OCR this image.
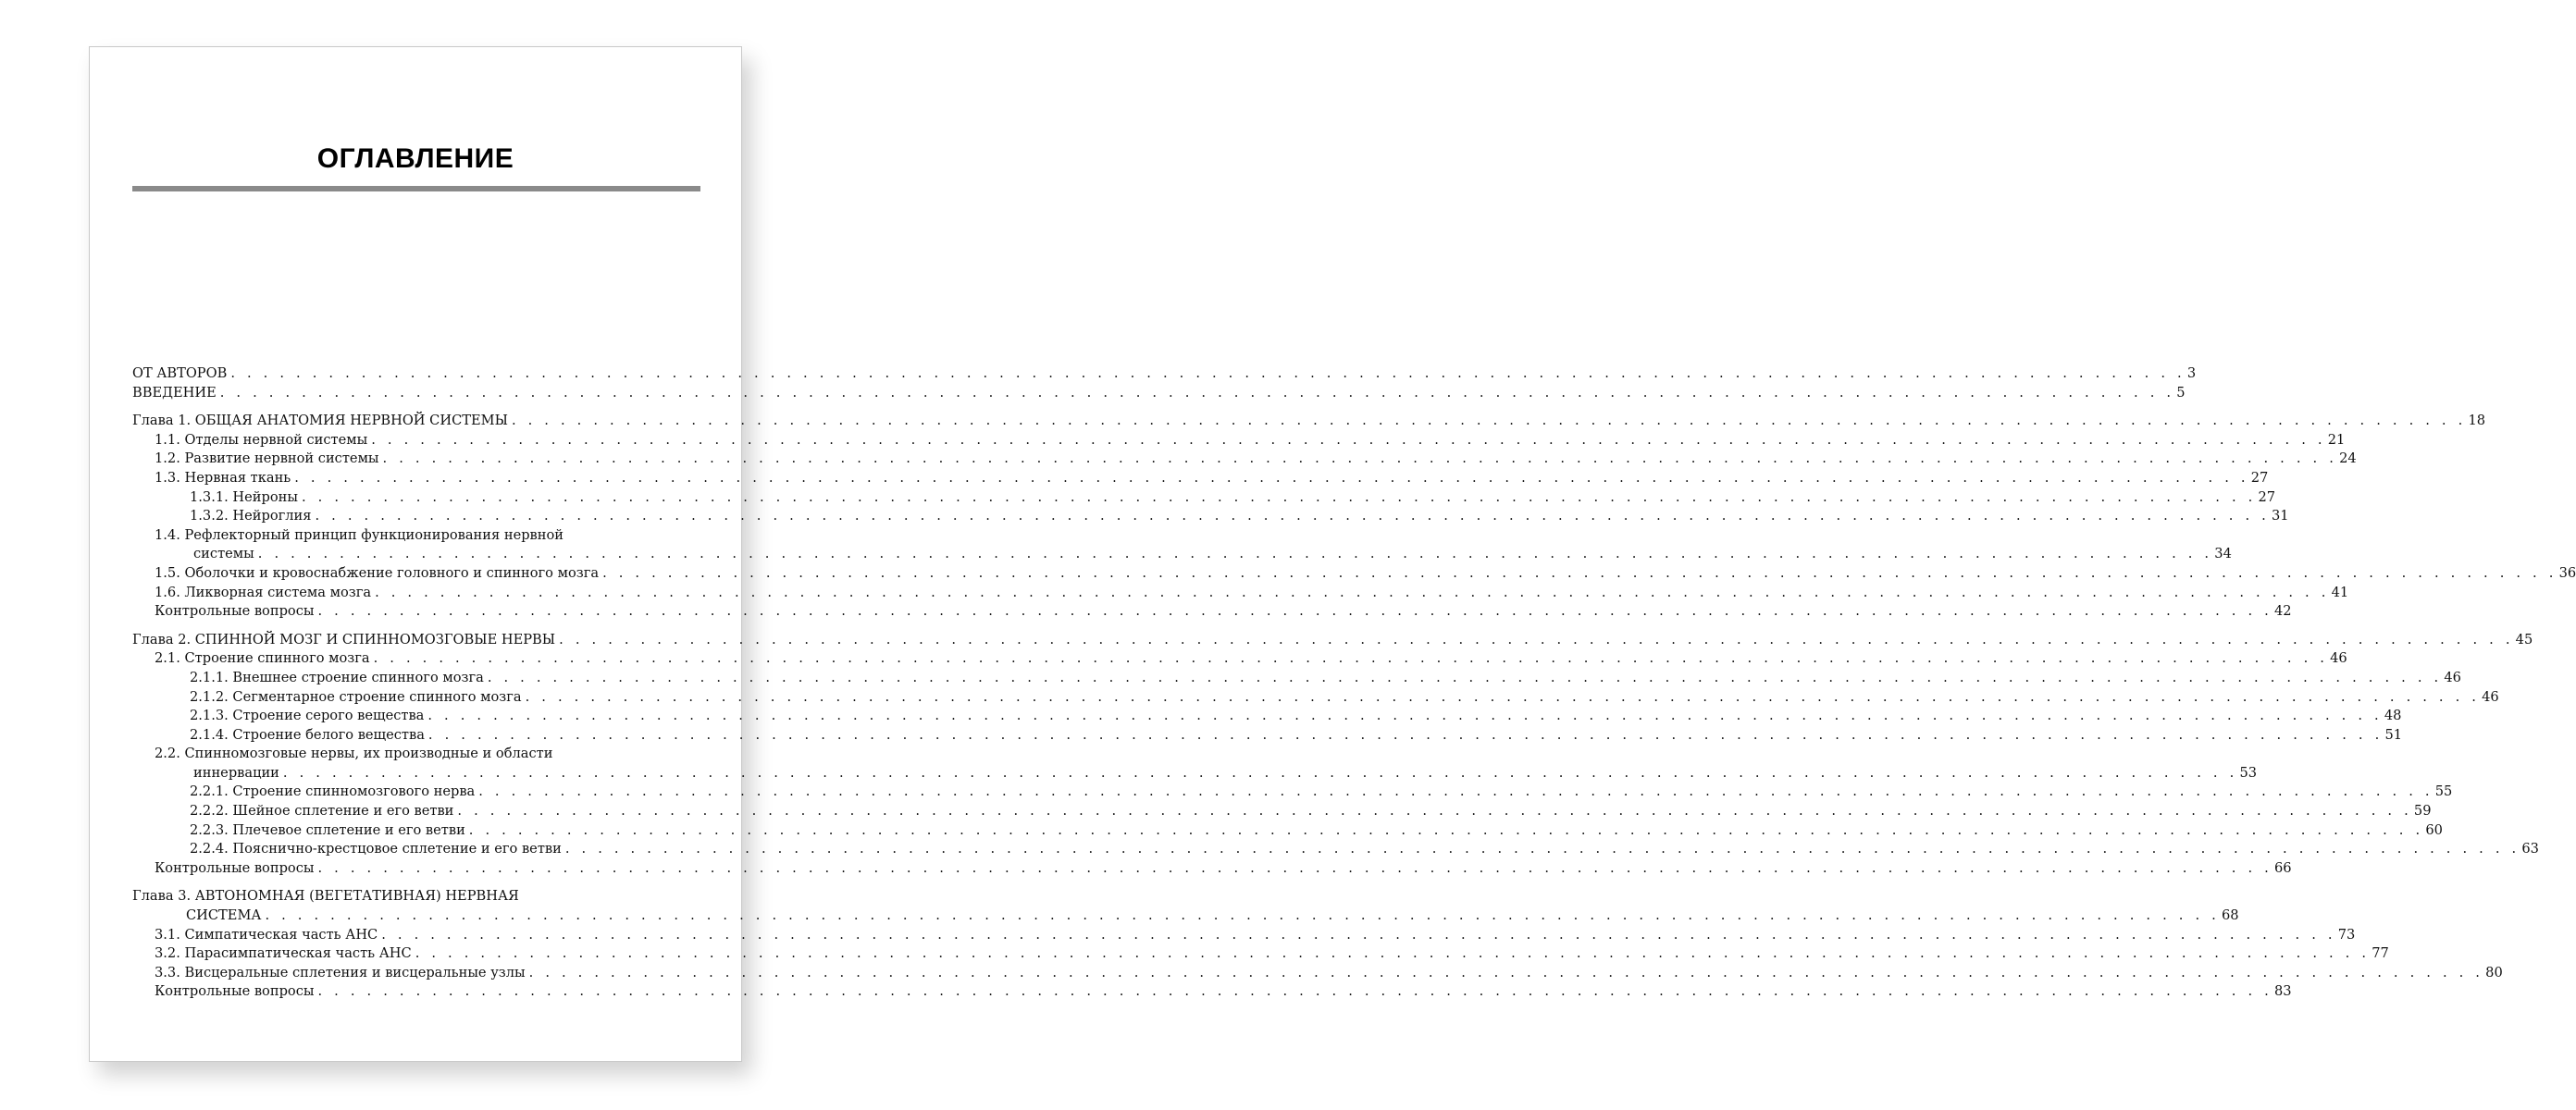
ОГЛАВЛЕНИЕ
ОТ АВТОРОВ . . . . . . . . . . . . . . . . . . . . . . . . . . . . . . . . . . . . . . . . . . . . . . . . . . . . . . . . . . . . . . . . . . . . . . . . . . . . . . . . . . . . . . . . . . . . . . . . . . . . . . . . . . . . . . . . . . . . . . . . 3
ВВЕДЕНИЕ . . . . . . . . . . . . . . . . . . . . . . . . . . . . . . . . . . . . . . . . . . . . . . . . . . . . . . . . . . . . . . . . . . . . . . . . . . . . . . . . . . . . . . . . . . . . . . . . . . . . . . . . . . . . . . . . . . . . . . . . 5
Глава 1. ОБЩАЯ АНАТОМИЯ НЕРВНОЙ СИСТЕМЫ . . . . . . . . . . . . . . . . . . . . . . . . . . . . . . . . . . . . . . . . . . . . . . . . . . . . . . . . . . . . . . . . . . . . . . . . . . . . . . . . . . . . . . . . . . . . . . . . . . . . . . . . . . . . . . . . . . . . . . . . 18
1.1. Отделы нервной системы . . . . . . . . . . . . . . . . . . . . . . . . . . . . . . . . . . . . . . . . . . . . . . . . . . . . . . . . . . . . . . . . . . . . . . . . . . . . . . . . . . . . . . . . . . . . . . . . . . . . . . . . . . . . . . . . . . . . . . . . 21
1.2. Развитие нервной системы . . . . . . . . . . . . . . . . . . . . . . . . . . . . . . . . . . . . . . . . . . . . . . . . . . . . . . . . . . . . . . . . . . . . . . . . . . . . . . . . . . . . . . . . . . . . . . . . . . . . . . . . . . . . . . . . . . . . . . . . 24
1.3. Нервная ткань . . . . . . . . . . . . . . . . . . . . . . . . . . . . . . . . . . . . . . . . . . . . . . . . . . . . . . . . . . . . . . . . . . . . . . . . . . . . . . . . . . . . . . . . . . . . . . . . . . . . . . . . . . . . . . . . . . . . . . . . 27
1.3.1. Нейроны . . . . . . . . . . . . . . . . . . . . . . . . . . . . . . . . . . . . . . . . . . . . . . . . . . . . . . . . . . . . . . . . . . . . . . . . . . . . . . . . . . . . . . . . . . . . . . . . . . . . . . . . . . . . . . . . . . . . . . . . 27
1.3.2. Нейроглия . . . . . . . . . . . . . . . . . . . . . . . . . . . . . . . . . . . . . . . . . . . . . . . . . . . . . . . . . . . . . . . . . . . . . . . . . . . . . . . . . . . . . . . . . . . . . . . . . . . . . . . . . . . . . . . . . . . . . . . . 31
1.4. Рефлекторный принцип функционирования нервной
системы . . . . . . . . . . . . . . . . . . . . . . . . . . . . . . . . . . . . . . . . . . . . . . . . . . . . . . . . . . . . . . . . . . . . . . . . . . . . . . . . . . . . . . . . . . . . . . . . . . . . . . . . . . . . . . . . . . . . . . . . 34
1.5. Оболочки и кровоснабжение головного и спинного мозга . . . . . . . . . . . . . . . . . . . . . . . . . . . . . . . . . . . . . . . . . . . . . . . . . . . . . . . . . . . . . . . . . . . . . . . . . . . . . . . . . . . . . . . . . . . . . . . . . . . . . . . . . . . . . . . . . . . . . . . . 36
1.6. Ликворная система мозга . . . . . . . . . . . . . . . . . . . . . . . . . . . . . . . . . . . . . . . . . . . . . . . . . . . . . . . . . . . . . . . . . . . . . . . . . . . . . . . . . . . . . . . . . . . . . . . . . . . . . . . . . . . . . . . . . . . . . . . . 41
Контрольные вопросы . . . . . . . . . . . . . . . . . . . . . . . . . . . . . . . . . . . . . . . . . . . . . . . . . . . . . . . . . . . . . . . . . . . . . . . . . . . . . . . . . . . . . . . . . . . . . . . . . . . . . . . . . . . . . . . . . . . . . . . . 42
Глава 2. СПИННОЙ МОЗГ И СПИННОМОЗГОВЫЕ НЕРВЫ . . . . . . . . . . . . . . . . . . . . . . . . . . . . . . . . . . . . . . . . . . . . . . . . . . . . . . . . . . . . . . . . . . . . . . . . . . . . . . . . . . . . . . . . . . . . . . . . . . . . . . . . . . . . . . . . . . . . . . . . 45
2.1. Строение спинного мозга . . . . . . . . . . . . . . . . . . . . . . . . . . . . . . . . . . . . . . . . . . . . . . . . . . . . . . . . . . . . . . . . . . . . . . . . . . . . . . . . . . . . . . . . . . . . . . . . . . . . . . . . . . . . . . . . . . . . . . . . 46
2.1.1. Внешнее строение спинного мозга . . . . . . . . . . . . . . . . . . . . . . . . . . . . . . . . . . . . . . . . . . . . . . . . . . . . . . . . . . . . . . . . . . . . . . . . . . . . . . . . . . . . . . . . . . . . . . . . . . . . . . . . . . . . . . . . . . . . . . . . 46
2.1.2. Сегментарное строение спинного мозга . . . . . . . . . . . . . . . . . . . . . . . . . . . . . . . . . . . . . . . . . . . . . . . . . . . . . . . . . . . . . . . . . . . . . . . . . . . . . . . . . . . . . . . . . . . . . . . . . . . . . . . . . . . . . . . . . . . . . . . . 46
2.1.3. Строение серого вещества . . . . . . . . . . . . . . . . . . . . . . . . . . . . . . . . . . . . . . . . . . . . . . . . . . . . . . . . . . . . . . . . . . . . . . . . . . . . . . . . . . . . . . . . . . . . . . . . . . . . . . . . . . . . . . . . . . . . . . . . 48
2.1.4. Строение белого вещества . . . . . . . . . . . . . . . . . . . . . . . . . . . . . . . . . . . . . . . . . . . . . . . . . . . . . . . . . . . . . . . . . . . . . . . . . . . . . . . . . . . . . . . . . . . . . . . . . . . . . . . . . . . . . . . . . . . . . . . . 51
2.2. Спинномозговые нервы, их производные и области
иннервации . . . . . . . . . . . . . . . . . . . . . . . . . . . . . . . . . . . . . . . . . . . . . . . . . . . . . . . . . . . . . . . . . . . . . . . . . . . . . . . . . . . . . . . . . . . . . . . . . . . . . . . . . . . . . . . . . . . . . . . . 53
2.2.1. Строение спинномозгового нерва . . . . . . . . . . . . . . . . . . . . . . . . . . . . . . . . . . . . . . . . . . . . . . . . . . . . . . . . . . . . . . . . . . . . . . . . . . . . . . . . . . . . . . . . . . . . . . . . . . . . . . . . . . . . . . . . . . . . . . . . 55
2.2.2. Шейное сплетение и его ветви . . . . . . . . . . . . . . . . . . . . . . . . . . . . . . . . . . . . . . . . . . . . . . . . . . . . . . . . . . . . . . . . . . . . . . . . . . . . . . . . . . . . . . . . . . . . . . . . . . . . . . . . . . . . . . . . . . . . . . . . 59
2.2.3. Плечевое сплетение и его ветви . . . . . . . . . . . . . . . . . . . . . . . . . . . . . . . . . . . . . . . . . . . . . . . . . . . . . . . . . . . . . . . . . . . . . . . . . . . . . . . . . . . . . . . . . . . . . . . . . . . . . . . . . . . . . . . . . . . . . . . . 60
2.2.4. Пояснично-крестцовое сплетение и его ветви . . . . . . . . . . . . . . . . . . . . . . . . . . . . . . . . . . . . . . . . . . . . . . . . . . . . . . . . . . . . . . . . . . . . . . . . . . . . . . . . . . . . . . . . . . . . . . . . . . . . . . . . . . . . . . . . . . . . . . . . 63
Контрольные вопросы . . . . . . . . . . . . . . . . . . . . . . . . . . . . . . . . . . . . . . . . . . . . . . . . . . . . . . . . . . . . . . . . . . . . . . . . . . . . . . . . . . . . . . . . . . . . . . . . . . . . . . . . . . . . . . . . . . . . . . . . 66
Глава 3. АВТОНОМНАЯ (ВЕГЕТАТИВНАЯ) НЕРВНАЯ
СИСТЕМА . . . . . . . . . . . . . . . . . . . . . . . . . . . . . . . . . . . . . . . . . . . . . . . . . . . . . . . . . . . . . . . . . . . . . . . . . . . . . . . . . . . . . . . . . . . . . . . . . . . . . . . . . . . . . . . . . . . . . . . . 68
3.1. Симпатическая часть АНС . . . . . . . . . . . . . . . . . . . . . . . . . . . . . . . . . . . . . . . . . . . . . . . . . . . . . . . . . . . . . . . . . . . . . . . . . . . . . . . . . . . . . . . . . . . . . . . . . . . . . . . . . . . . . . . . . . . . . . . . 73
3.2. Парасимпатическая часть АНС . . . . . . . . . . . . . . . . . . . . . . . . . . . . . . . . . . . . . . . . . . . . . . . . . . . . . . . . . . . . . . . . . . . . . . . . . . . . . . . . . . . . . . . . . . . . . . . . . . . . . . . . . . . . . . . . . . . . . . . . 77
3.3. Висцеральные сплетения и висцеральные узлы . . . . . . . . . . . . . . . . . . . . . . . . . . . . . . . . . . . . . . . . . . . . . . . . . . . . . . . . . . . . . . . . . . . . . . . . . . . . . . . . . . . . . . . . . . . . . . . . . . . . . . . . . . . . . . . . . . . . . . . . 80
Контрольные вопросы . . . . . . . . . . . . . . . . . . . . . . . . . . . . . . . . . . . . . . . . . . . . . . . . . . . . . . . . . . . . . . . . . . . . . . . . . . . . . . . . . . . . . . . . . . . . . . . . . . . . . . . . . . . . . . . . . . . . . . . . 83
